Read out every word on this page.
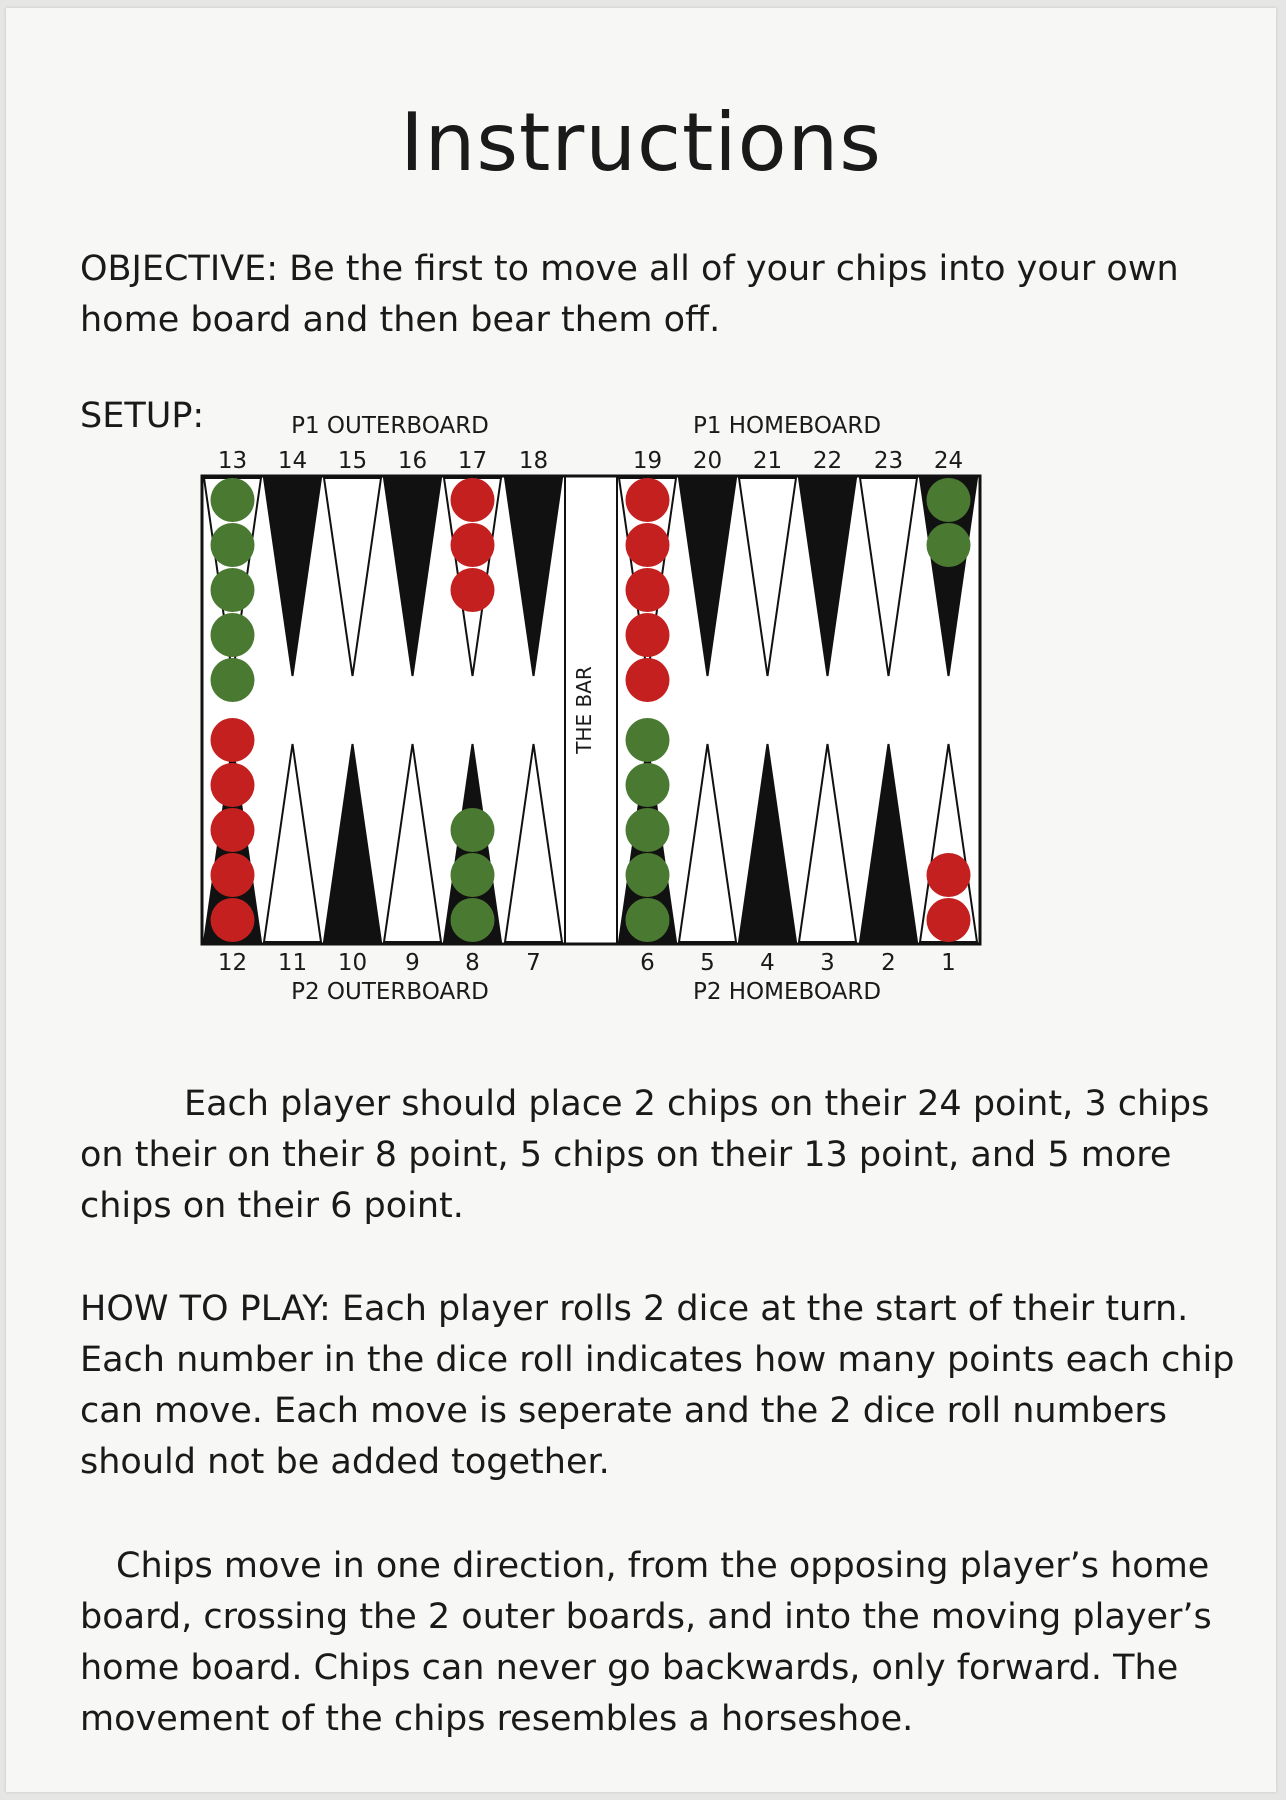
Instructions

OBJECTIVE: Be the first to move all of your chips into your own home board and then bear them off.

SETUP:

Each player should place 2 chips on their 24 point, 3 chips on their on their 8 point, 5 chips on their 13 point, and 5 more chips on their 6 point.

HOW TO PLAY: Each player rolls 2 dice at the start of their turn. Each number in the dice roll indicates how many points each chip can move. Each move is seperate and the 2 dice roll numbers should not be added together.

Chips move in one direction, from the opposing player’s home board, crossing the 2 outer boards, and into the moving player’s home board. Chips can never go backwards, only forward. The movement of the chips resembles a horseshoe.

13
12
14
11
15
10
16
9
17
8
18
7
19
6
20
5
21
4
22
3
23
2
24
1
THE BAR
P1 OUTERBOARD	P1 HOMEBOARD
P2 OUTERBOARD	P2 HOMEBOARD
